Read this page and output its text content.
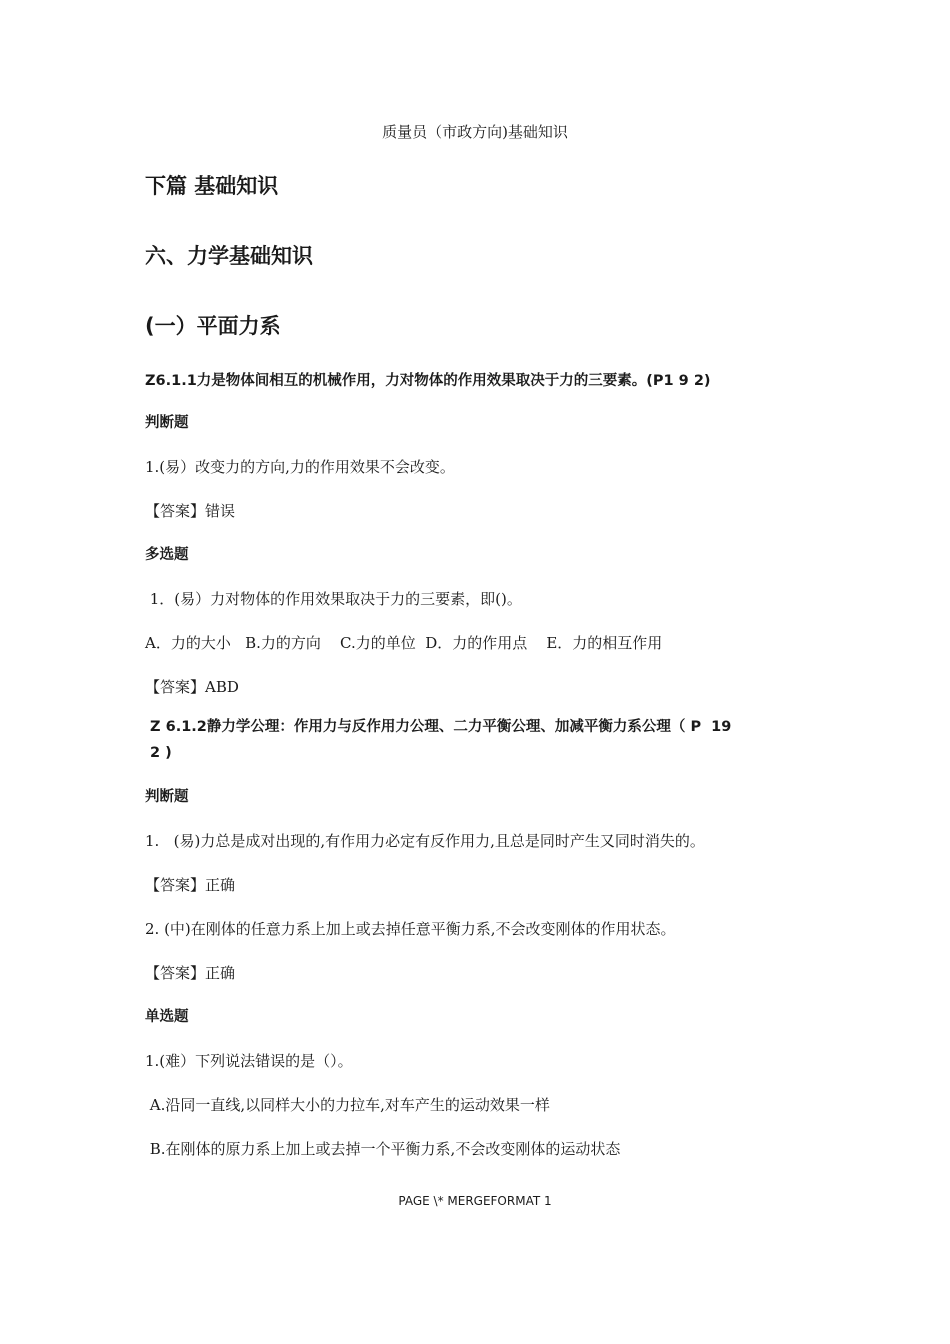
质量员（市政方向)基础知识
下篇 基础知识
六、力学基础知识
(一）平面力系
Z6.1.1力是物体间相互的机械作用，力对物体的作用效果取决于力的三要素。(P1 9 2)
判断题
1.(易）改变力的方向,力的作用效果不会改变。
【答案】错误
多选题
1．(易）力对物体的作用效果取决于力的三要素，即()。
A．力的大小   B.力的方向    C.力的单位  D．力的作用点    E．力的相互作用
【答案】ABD
Z 6.1.2静力学公理：作用力与反作用力公理、二力平衡公理、加减平衡力系公理（ P  19
2 )
判断题
1.   (易)力总是成对出现的,有作用力必定有反作用力,且总是同时产生又同时消失的。
【答案】正确
2. (中)在刚体的任意力系上加上或去掉任意平衡力系,不会改变刚体的作用状态。
【答案】正确
单选题
1.(难）下列说法错误的是（）。
A.沿同一直线,以同样大小的力拉车,对车产生的运动效果一样
B.在刚体的原力系上加上或去掉一个平衡力系,不会改变刚体的运动状态
PAGE \* MERGEFORMAT 1
